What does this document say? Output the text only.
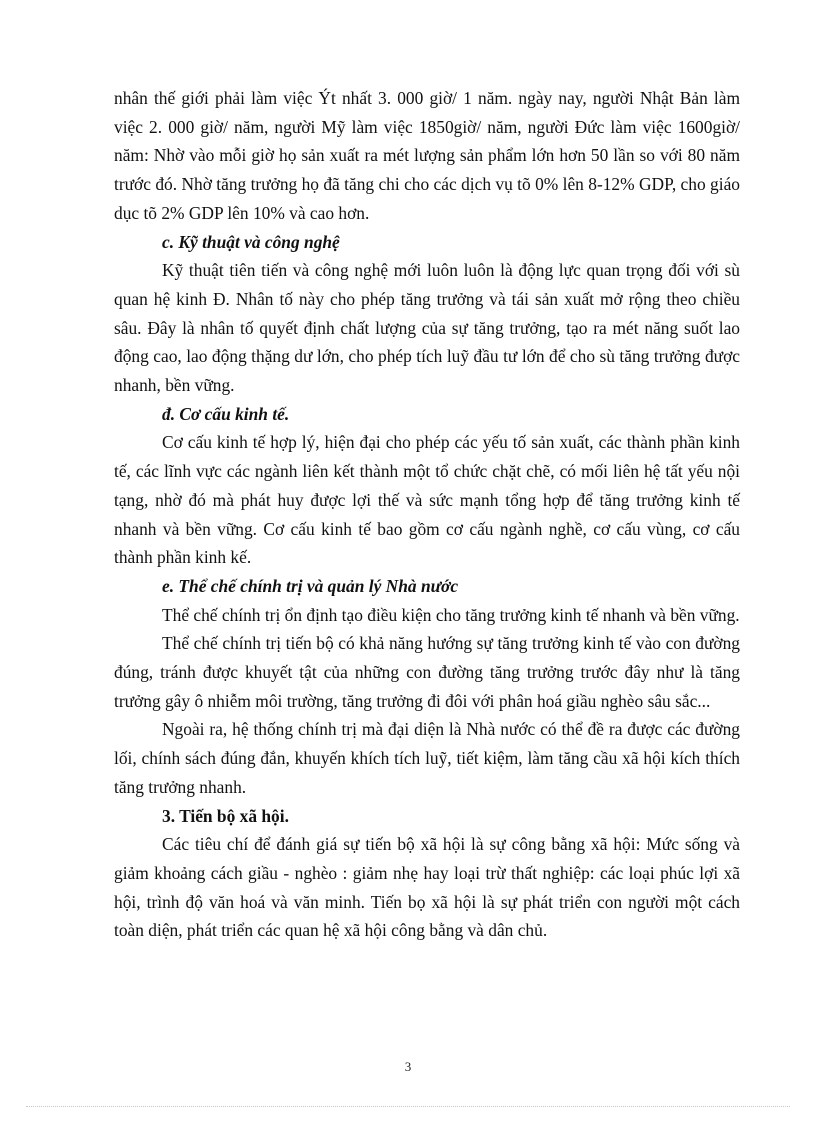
nhân thế giới phải làm việc Ýt nhất 3. 000 giờ/ 1 năm. ngày nay, người Nhật Bản làm việc 2. 000 giờ/ năm, người Mỹ làm việc 1850giờ/ năm, người Đức làm việc 1600giờ/ năm: Nhờ vào mỗi giờ họ sản xuất ra mét lượng sản phẩm lớn hơn 50 lần so với 80 năm trước đó. Nhờ tăng trưởng họ đã tăng chi cho các dịch vụ tõ 0% lên 8-12% GDP, cho giáo dục tõ 2% GDP lên 10% và cao hơn.

c. Kỹ thuật và công nghệ

Kỹ thuật tiên tiến và công nghệ mới luôn luôn là động lực quan trọng đối với sù quan hệ kinh Đ. Nhân tố này cho phép tăng trưởng và tái sản xuất mở rộng theo chiều sâu. Đây là nhân tố quyết định chất lượng của sự tăng trưởng, tạo ra mét năng suốt lao động cao, lao động thặng dư lớn, cho phép tích luỹ đầu tư lớn để cho sù tăng trưởng được nhanh, bền vững.

đ. Cơ cấu kinh tế.

Cơ cấu kinh tế hợp lý, hiện đại cho phép các yếu tố sản xuất, các thành phần kinh tế, các lĩnh vực các ngành liên kết thành một tổ chức chặt chẽ, có mối liên hệ tất yếu nội tạng, nhờ đó mà phát huy được lợi thế và sức mạnh tổng hợp để tăng trưởng kinh tế nhanh và bền vững. Cơ cấu kinh tế bao gồm cơ cấu ngành nghề, cơ cấu vùng, cơ cấu thành phần kinh kế.

e. Thể chế chính trị và quản lý Nhà nước

Thể chế chính trị ổn định tạo điều kiện cho tăng trưởng kinh tế nhanh và bền vững.

Thể chế chính trị tiến bộ có khả năng hướng sự tăng trưởng kinh tế vào con đường đúng, tránh được khuyết tật của những con đường tăng trưởng trước đây như là tăng trưởng gây ô nhiễm môi trường, tăng trưởng đi đôi với phân hoá giầu nghèo sâu sắc...

Ngoài ra, hệ thống chính trị mà đại diện là Nhà nước có thể đề ra được các đường lối, chính sách đúng đắn, khuyến khích tích luỹ, tiết kiệm, làm tăng cầu xã hội kích thích tăng trưởng nhanh.

3. Tiến bộ xã hội.

Các tiêu chí để đánh giá sự tiến bộ xã hội là sự công bằng xã hội: Mức sống và giảm khoảng cách giầu - nghèo : giảm nhẹ hay loại trừ thất nghiệp: các loại phúc lợi xã hội, trình độ văn hoá và văn minh. Tiến bọ xã hội là sự phát triển con người một cách toàn diện, phát triển các quan hệ xã hội công bằng và dân chủ.

3
